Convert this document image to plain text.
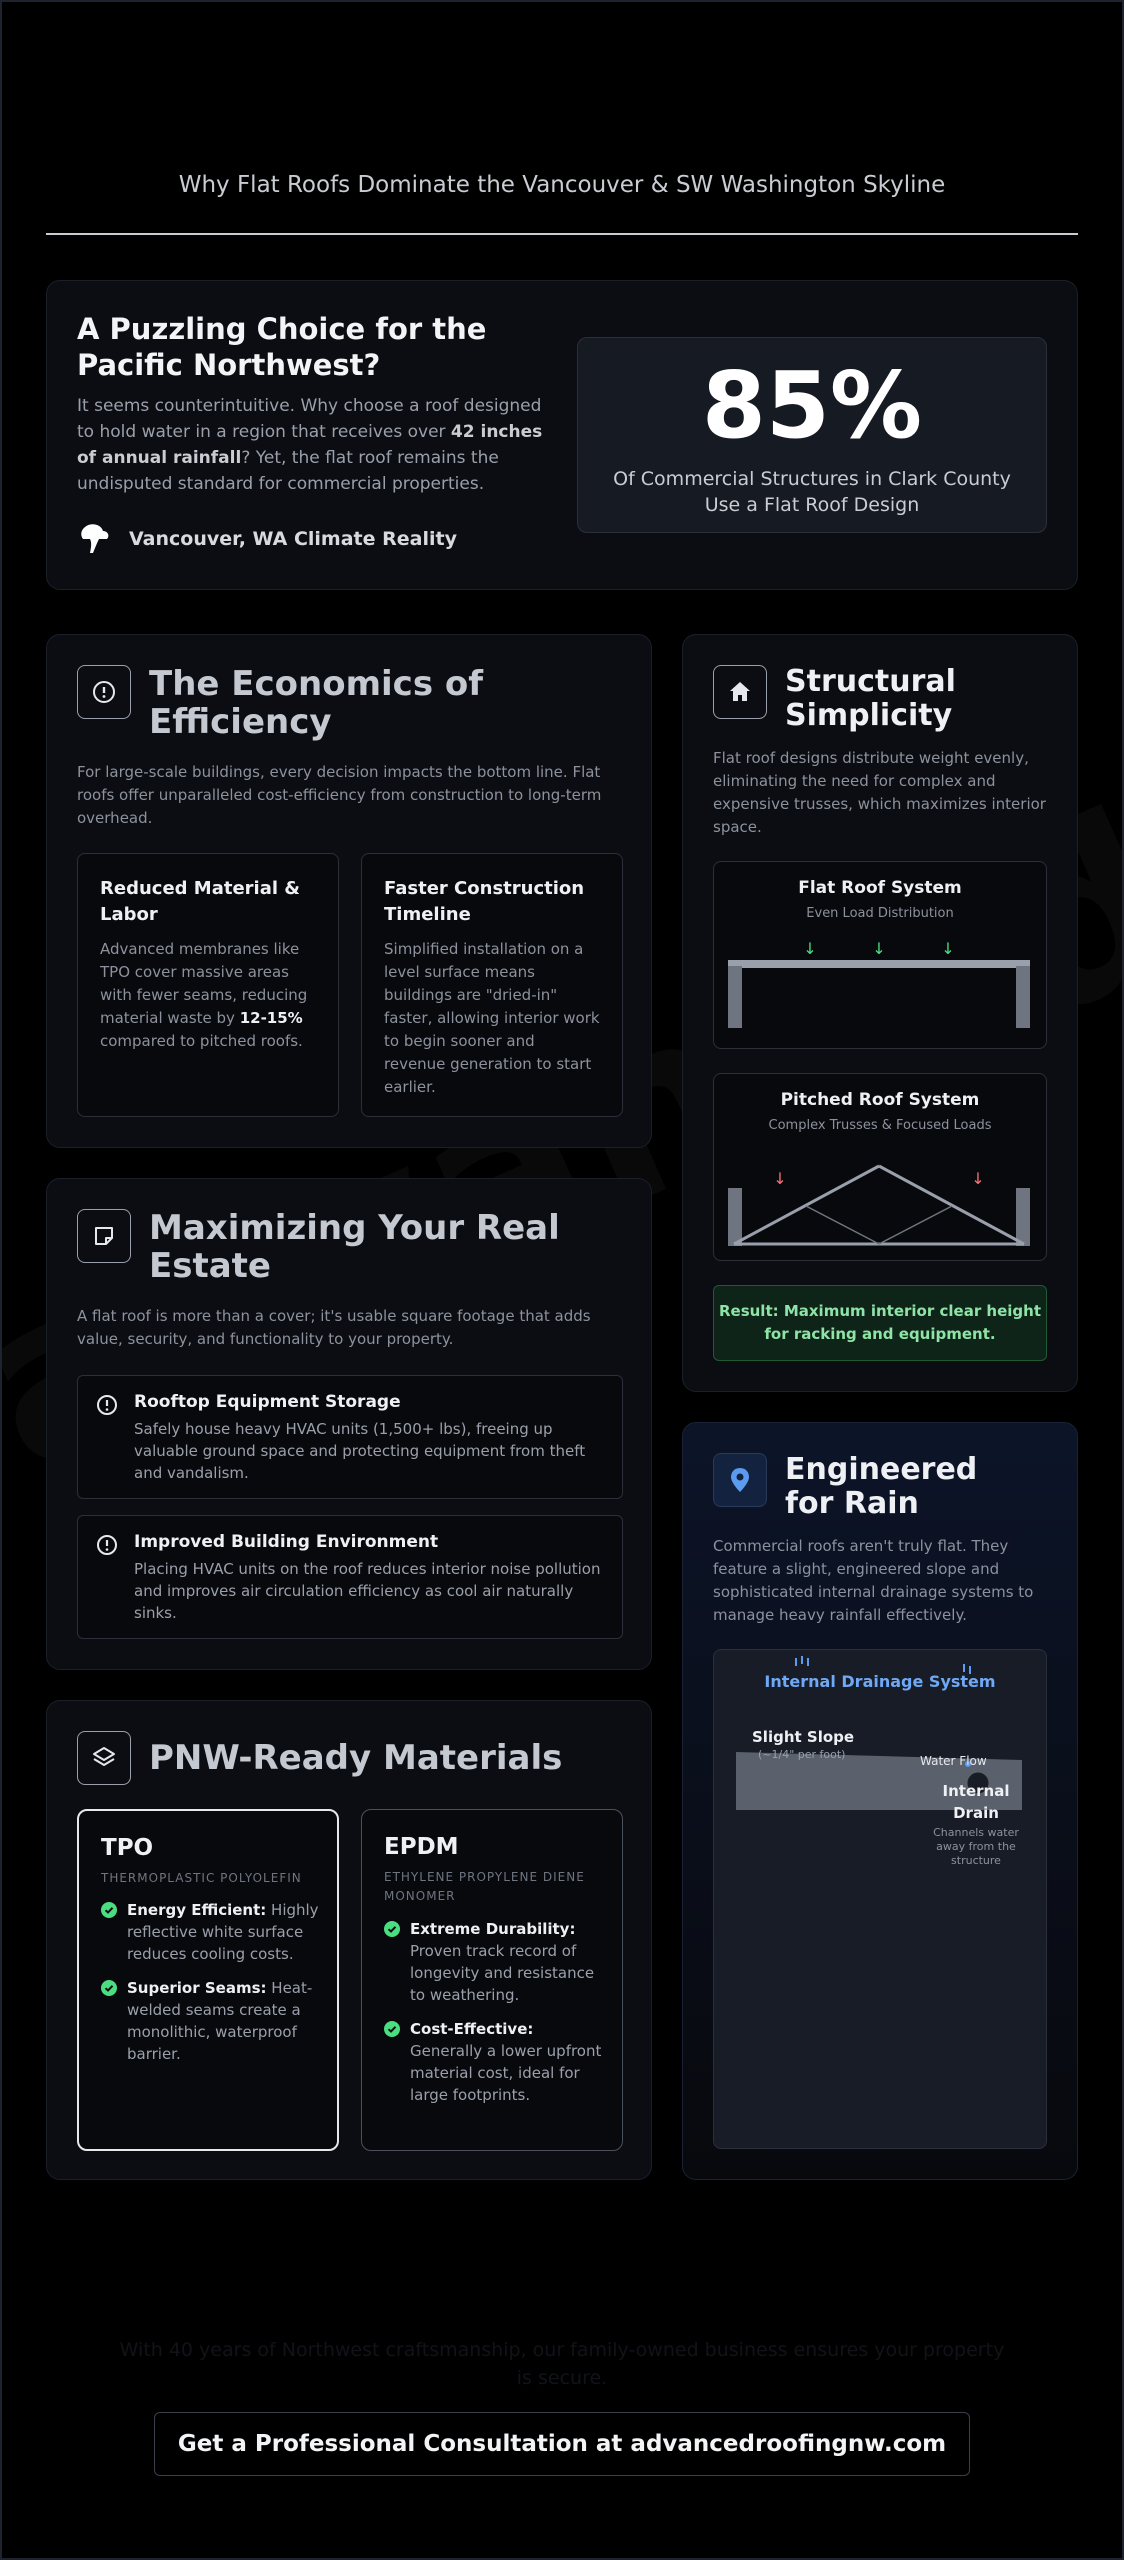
Why Flat Roofs Dominate the Vancouver & SW Washington Skyline
A Puzzling Choice for the Pacific Northwest?

It seems counterintuitive. Why choose a roof designed to hold water in a region that receives over 42 inches of annual rainfall? Yet, the flat roof remains the undisputed standard for commercial properties.

Vancouver, WA Climate Reality
85%
Of Commercial Structures in Clark County Use a Flat Roof Design
The Economics of Efficiency
For large-scale buildings, every decision impacts the bottom line. Flat roofs offer unparalleled cost-efficiency from construction to long-term overhead.
Reduced Material & Labor

Advanced membranes like TPO cover massive areas with fewer seams, reducing material waste by 12-15% compared to pitched roofs.

Faster Construction Timeline

Simplified installation on a level surface means buildings are "dried-in" faster, allowing interior work to begin sooner and revenue generation to start earlier.

Structural Simplicity
Flat roof designs distribute weight evenly, eliminating the need for complex and expensive trusses, which maximizes interior space.
Flat Roof System
Even Load Distribution
↓	↓	↓
Pitched Roof System
Complex Trusses & Focused Loads
↓	↓
Result: Maximum interior clear height for racking and equipment.
Maximizing Your Real Estate
A flat roof is more than a cover; it's usable square footage that adds value, security, and functionality to your property.
Rooftop Equipment Storage

Safely house heavy HVAC units (1,500+ lbs), freeing up valuable ground space and protecting equipment from theft and vandalism.

Improved Building Environment

Placing HVAC units on the roof reduces interior noise pollution and improves air circulation efficiency as cool air naturally sinks.

PNW-Ready Materials
TPO
THERMOPLASTIC POLYOLEFIN
Energy Efficient: Highly reflective white surface reduces cooling costs.
Superior Seams: Heat-welded seams create a monolithic, waterproof barrier.
EPDM
ETHYLENE PROPYLENE DIENE MONOMER
Extreme Durability: Proven track record of longevity and resistance to weathering.
Cost-Effective: Generally a lower upfront material cost, ideal for large footprints.
Engineered for Rain
Commercial roofs aren't truly flat. They feature a slight, engineered slope and sophisticated internal drainage systems to manage heavy rainfall effectively.
Internal Drainage System
Slight Slope
(~1/4" per foot)	Water Flow
Internal Drain
Channels water away from the structure
With 40 years of Northwest craftsmanship, our family-owned business ensures your property is secure.
Get a Professional Consultation at advancedroofingnw.com
